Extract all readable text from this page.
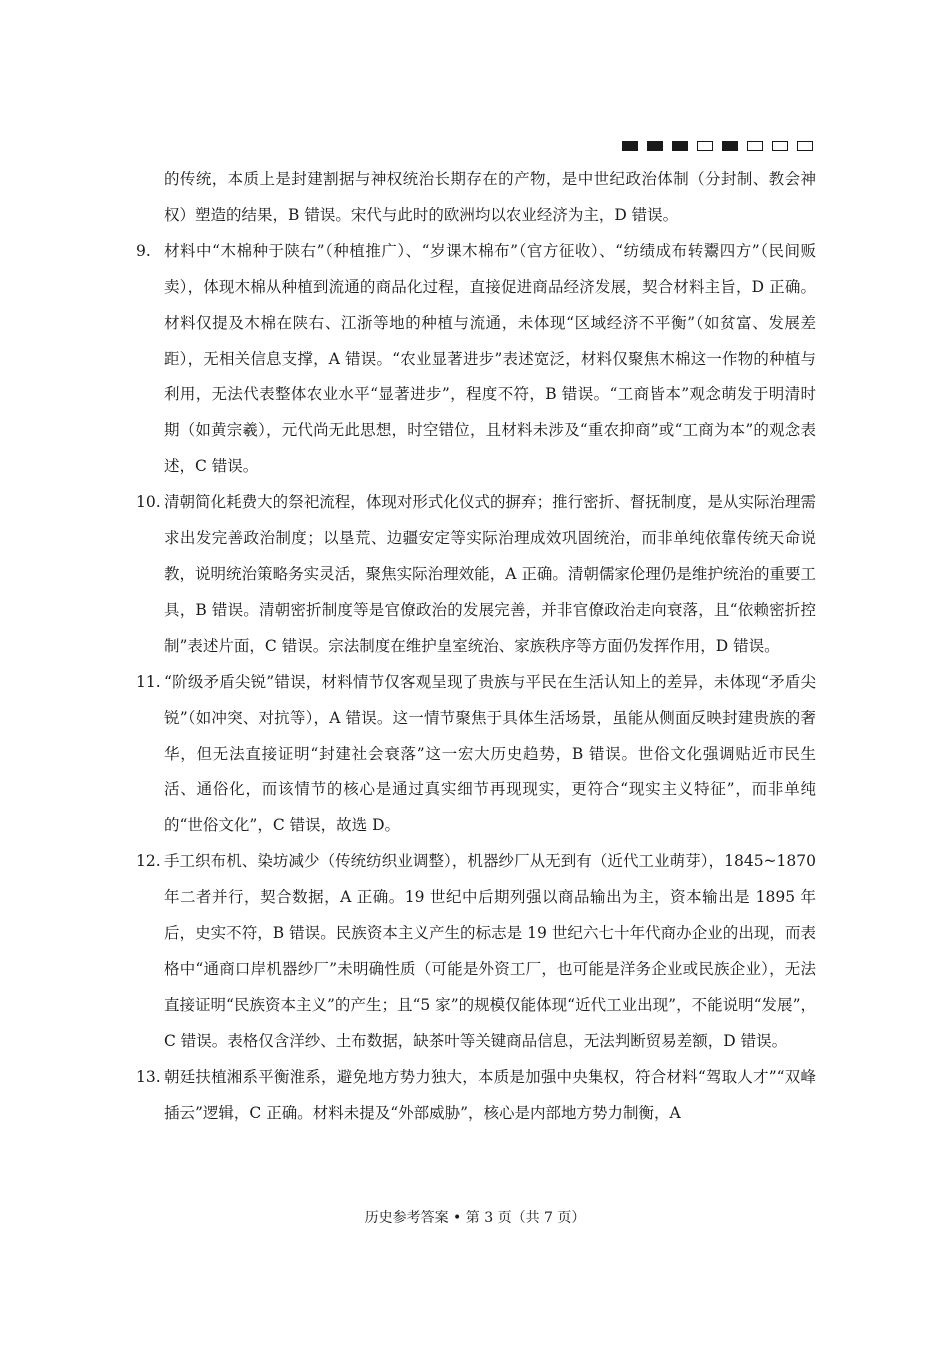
的传统，本质上是封建割据与神权统治长期存在的产物，是中世纪政治体制（分封制、教会神权）塑造的结果，B 错误。宋代与此时的欧洲均以农业经济为主，D 错误。
9. 材料中“木棉种于陕右”（种植推广）、“岁课木棉布”（官方征收）、“纺绩成布转鬻四方”（民间贩卖），体现木棉从种植到流通的商品化过程，直接促进商品经济发展，契合材料主旨，D 正确。材料仅提及木棉在陕右、江浙等地的种植与流通，未体现“区域经济不平衡”（如贫富、发展差距），无相关信息支撑，A 错误。“农业显著进步”表述宽泛，材料仅聚焦木棉这一作物的种植与利用，无法代表整体农业水平“显著进步”，程度不符，B 错误。“工商皆本”观念萌发于明清时期（如黄宗羲），元代尚无此思想，时空错位，且材料未涉及“重农抑商”或“工商为本”的观念表述，C 错误。
10. 清朝简化耗费大的祭祀流程，体现对形式化仪式的摒弃；推行密折、督抚制度，是从实际治理需求出发完善政治制度；以垦荒、边疆安定等实际治理成效巩固统治，而非单纯依靠传统天命说教，说明统治策略务实灵活，聚焦实际治理效能，A 正确。清朝儒家伦理仍是维护统治的重要工具，B 错误。清朝密折制度等是官僚政治的发展完善，并非官僚政治走向衰落，且“依赖密折控制”表述片面，C 错误。宗法制度在维护皇室统治、家族秩序等方面仍发挥作用，D 错误。
11. “阶级矛盾尖锐”错误，材料情节仅客观呈现了贵族与平民在生活认知上的差异，未体现“矛盾尖锐”（如冲突、对抗等），A 错误。这一情节聚焦于具体生活场景，虽能从侧面反映封建贵族的奢华，但无法直接证明“封建社会衰落”这一宏大历史趋势，B 错误。世俗文化强调贴近市民生活、通俗化，而该情节的核心是通过真实细节再现现实，更符合“现实主义特征”，而非单纯的“世俗文化”，C 错误，故选 D。
12. 手工织布机、染坊减少（传统纺织业调整），机器纱厂从无到有（近代工业萌芽），1845~1870 年二者并行，契合数据，A 正确。19 世纪中后期列强以商品输出为主，资本输出是 1895 年后，史实不符，B 错误。民族资本主义产生的标志是 19 世纪六七十年代商办企业的出现，而表格中“通商口岸机器纱厂”未明确性质（可能是外资工厂，也可能是洋务企业或民族企业），无法直接证明“民族资本主义”的产生；且“5 家”的规模仅能体现“近代工业出现”，不能说明“发展”，C 错误。表格仅含洋纱、土布数据，缺茶叶等关键商品信息，无法判断贸易差额，D 错误。
13. 朝廷扶植湘系平衡淮系，避免地方势力独大，本质是加强中央集权，符合材料“驾取人才”“双峰插云”逻辑，C 正确。材料未提及“外部威胁”，核心是内部地方势力制衡，A
历史参考答案 • 第 3 页（共 7 页）
